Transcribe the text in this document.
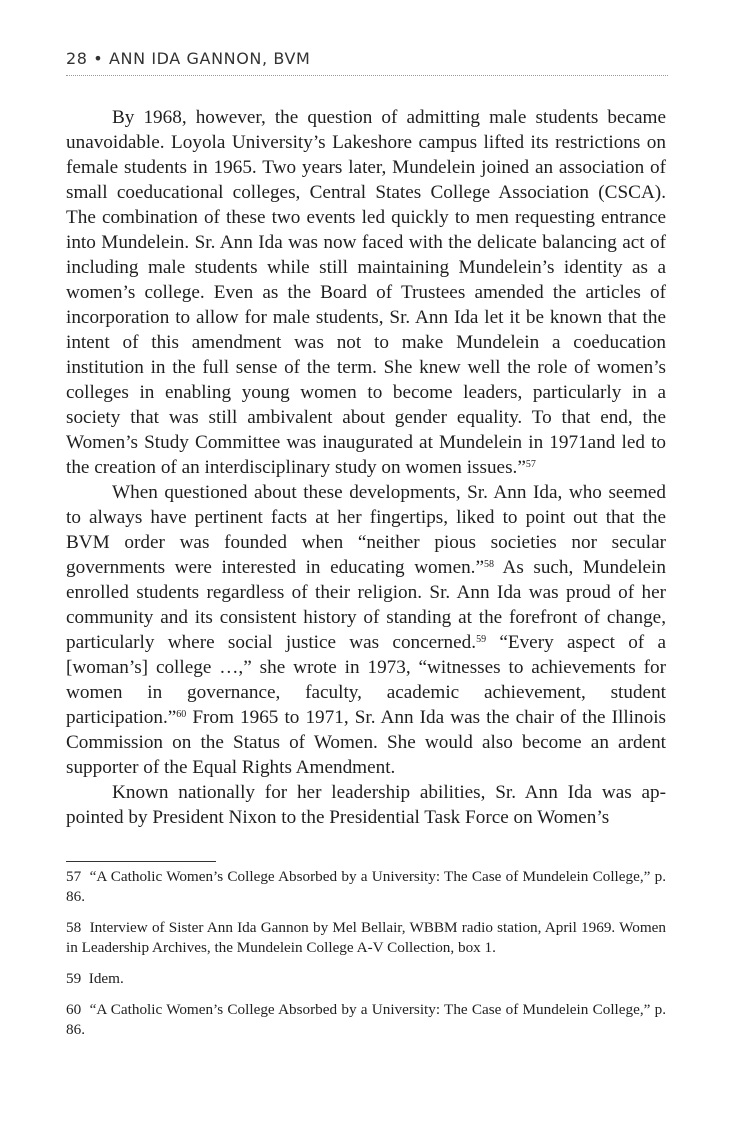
28 • ANN IDA GANNON, BVM

By 1968, however, the question of admitting male students became unavoidable. Loyola University’s Lakeshore campus lifted its restrictions on female students in 1965. Two years later, Mundelein joined an association of small coeducational colleges, Central States College Association (CSCA). The combination of these two events led quickly to men requesting entrance into Mundelein. Sr. Ann Ida was now faced with the delicate balancing act of including male students while still maintaining Mundelein’s identity as a women’s college. Even as the Board of Trustees amended the articles of incorporation to allow for male students, Sr. Ann Ida let it be known that the intent of this amendment was not to make Mundelein a coeducation institution in the full sense of the term. She knew well the role of women’s colleges in enabling young women to become leaders, particularly in a society that was still ambivalent about gender equality. To that end, the Women’s Study Committee was inaugurated at Mundelein in 1971and led to the creation of an interdisciplinary study on women issues.”$^{57}$

When questioned about these developments, Sr. Ann Ida, who seemed to always have pertinent facts at her fingertips, liked to point out that the BVM order was founded when “neither pious societies nor secular governments were interested in educating women.”$^{58}$ As such, Mundelein enrolled students regardless of their religion. Sr. Ann Ida was proud of her community and its consistent history of standing at the forefront of change, particularly where social justice was concerned.$^{59}$ “Every aspect of a [woman’s] college …,” she wrote in 1973, “witnesses to achievements for women in governance, faculty, academic achievement, student participation.”$^{60}$ From 1965 to 1971, Sr. Ann Ida was the chair of the Illinois Commission on the Status of Women. She would also become an ardent supporter of the Equal Rights Amendment.

Known nationally for her leadership abilities, Sr. Ann Ida was appointed by President Nixon to the Presidential Task Force on Women’s

57 “A Catholic Women’s College Absorbed by a University: The Case of Mundelein College,” p. 86.

58 Interview of Sister Ann Ida Gannon by Mel Bellair, WBBM radio station, April 1969. Women in Leadership Archives, the Mundelein College A-V Collection, box 1.

59 Idem.

60 “A Catholic Women’s College Absorbed by a University: The Case of Mundelein College,” p. 86.
